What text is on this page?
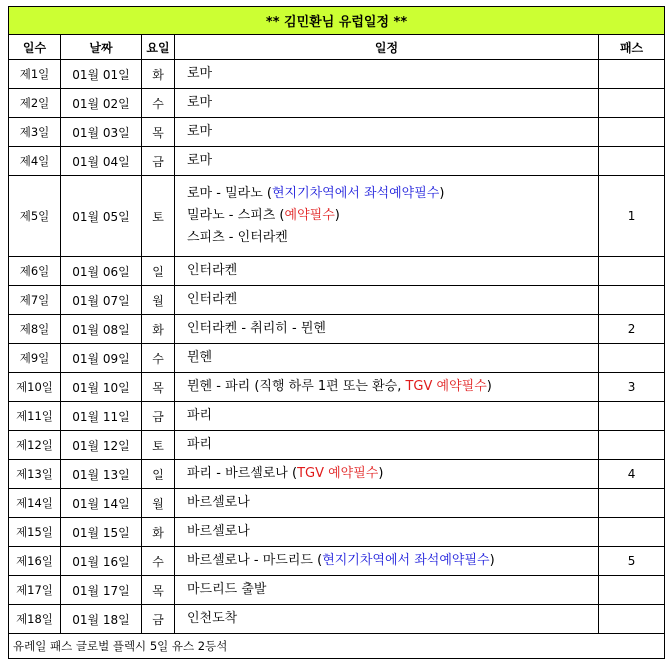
** 김민환님 유럽일정 **				
일수	날짜	요일	일정	패스
제1일	01월 01일	화	로마	

제2일	01월 02일	수	로마	

제3일	01월 03일	목	로마	

제4일	01월 04일	금	로마	

제5일	01월 05일	토	로마 - 밀라노 (현지기차역에서 좌석예약필수)
밀라노 - 스피츠 (예약필수)
스피츠 - 인터라켄	1
제6일	01월 06일	일	인터라켄	

제7일	01월 07일	월	인터라켄	

제8일	01월 08일	화	인터라켄 - 취리히 - 뮌헨	2
제9일	01월 09일	수	뮌헨	

제10일	01월 10일	목	뮌헨 - 파리 (직행 하루 1편 또는 환승, TGV 예약필수)	3
제11일	01월 11일	금	파리	

제12일	01월 12일	토	파리	

제13일	01월 13일	일	파리 - 바르셀로나 (TGV 예약필수)	4
제14일	01월 14일	월	바르셀로나	

제15일	01월 15일	화	바르셀로나	

제16일	01월 16일	수	바르셀로나 - 마드리드 (현지기차역에서 좌석예약필수)	5
제17일	01월 17일	목	마드리드 출발	

제18일	01월 18일	금	인천도착	

유레일 패스 글로벌 플렉시 5일 유스 2등석				
